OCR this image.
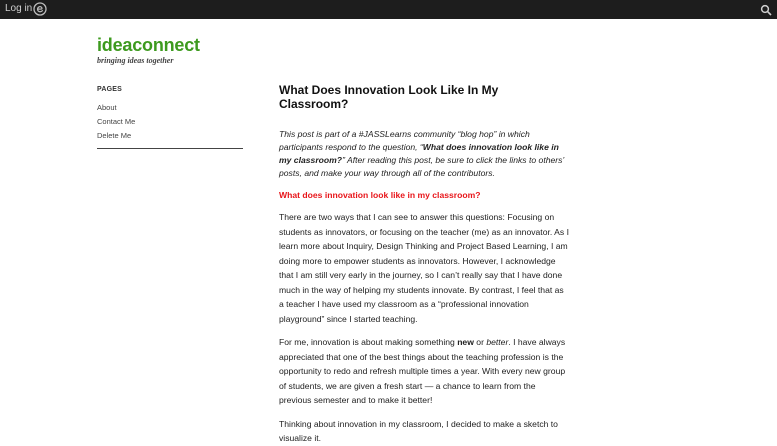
Log in
ideaconnect
bringing ideas together
PAGES
About
Contact Me
Delete Me
What Does Innovation Look Like In My Classroom?

This post is part of a #JASSLearns community “blog hop” in which participants respond to the question, “What does innovation look like in my classroom?” After reading this post, be sure to click the links to others’ posts, and make your way through all of the contributors.

What does innovation look like in my classroom?

There are two ways that I can see to answer this questions: Focusing on students as innovators, or focusing on the teacher (me) as an innovator. As I learn more about Inquiry, Design Thinking and Project Based Learning, I am doing more to empower students as innovators. However, I acknowledge that I am still very early in the journey, so I can’t really say that I have done much in the way of helping my students innovate. By contrast, I feel that as a teacher I have used my classroom as a “professional innovation playground” since I started teaching.

For me, innovation is about making something new or better. I have always appreciated that one of the best things about the teaching profession is the opportunity to redo and refresh multiple times a year. With every new group of students, we are given a fresh start — a chance to learn from the previous semester and to make it better!

Thinking about innovation in my classroom, I decided to make a sketch to visualize it.
